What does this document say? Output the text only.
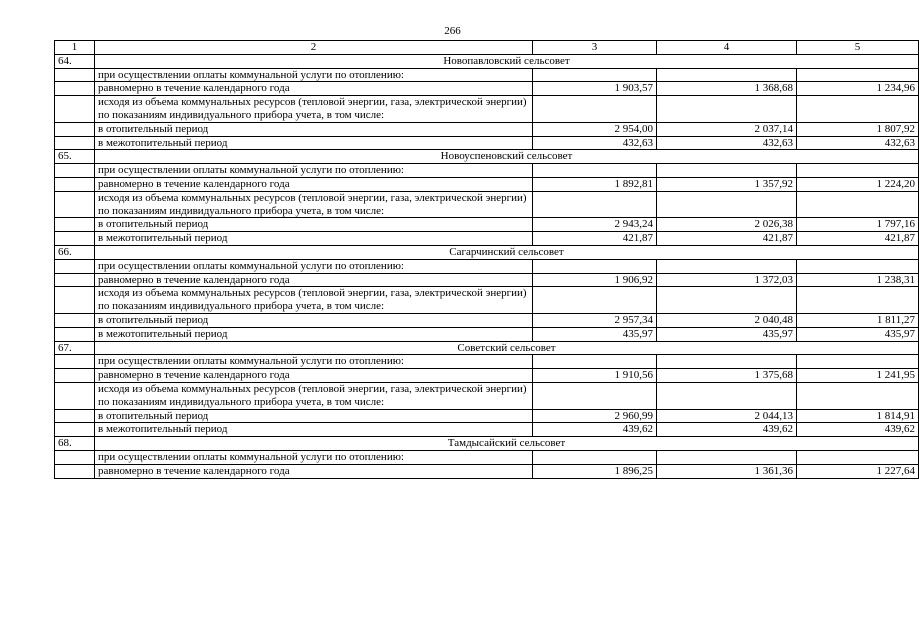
266
1	2	3	4	5
64.	Новопавловский сельсовет			
	при осуществлении оплаты коммунальной услуги по отоплению:			
	равномерно в течение календарного года	1 903,57	1 368,68	1 234,96
	исходя из объема коммунальных ресурсов (тепловой энергии, газа, электрической энергии) по показаниям индивидуального прибора учета, в том числе:			
	в отопительный период	2 954,00	2 037,14	1 807,92
	в межотопительный период	432,63	432,63	432,63
65.	Новоуспеновский сельсовет			
	при осуществлении оплаты коммунальной услуги по отоплению:			
	равномерно в течение календарного года	1 892,81	1 357,92	1 224,20
	исходя из объема коммунальных ресурсов (тепловой энергии, газа, электрической энергии) по показаниям индивидуального прибора учета, в том числе:			
	в отопительный период	2 943,24	2 026,38	1 797,16
	в межотопительный период	421,87	421,87	421,87
66.	Сагарчинский сельсовет			
	при осуществлении оплаты коммунальной услуги по отоплению:			
	равномерно в течение календарного года	1 906,92	1 372,03	1 238,31
	исходя из объема коммунальных ресурсов (тепловой энергии, газа, электрической энергии) по показаниям индивидуального прибора учета, в том числе:			
	в отопительный период	2 957,34	2 040,48	1 811,27
	в межотопительный период	435,97	435,97	435,97
67.	Советский сельсовет			
	при осуществлении оплаты коммунальной услуги по отоплению:			
	равномерно в течение календарного года	1 910,56	1 375,68	1 241,95
	исходя из объема коммунальных ресурсов (тепловой энергии, газа, электрической энергии) по показаниям индивидуального прибора учета, в том числе:			
	в отопительный период	2 960,99	2 044,13	1 814,91
	в межотопительный период	439,62	439,62	439,62
68.	Тамдысайский сельсовет			
	при осуществлении оплаты коммунальной услуги по отоплению:			
	равномерно в течение календарного года	1 896,25	1 361,36	1 227,64
